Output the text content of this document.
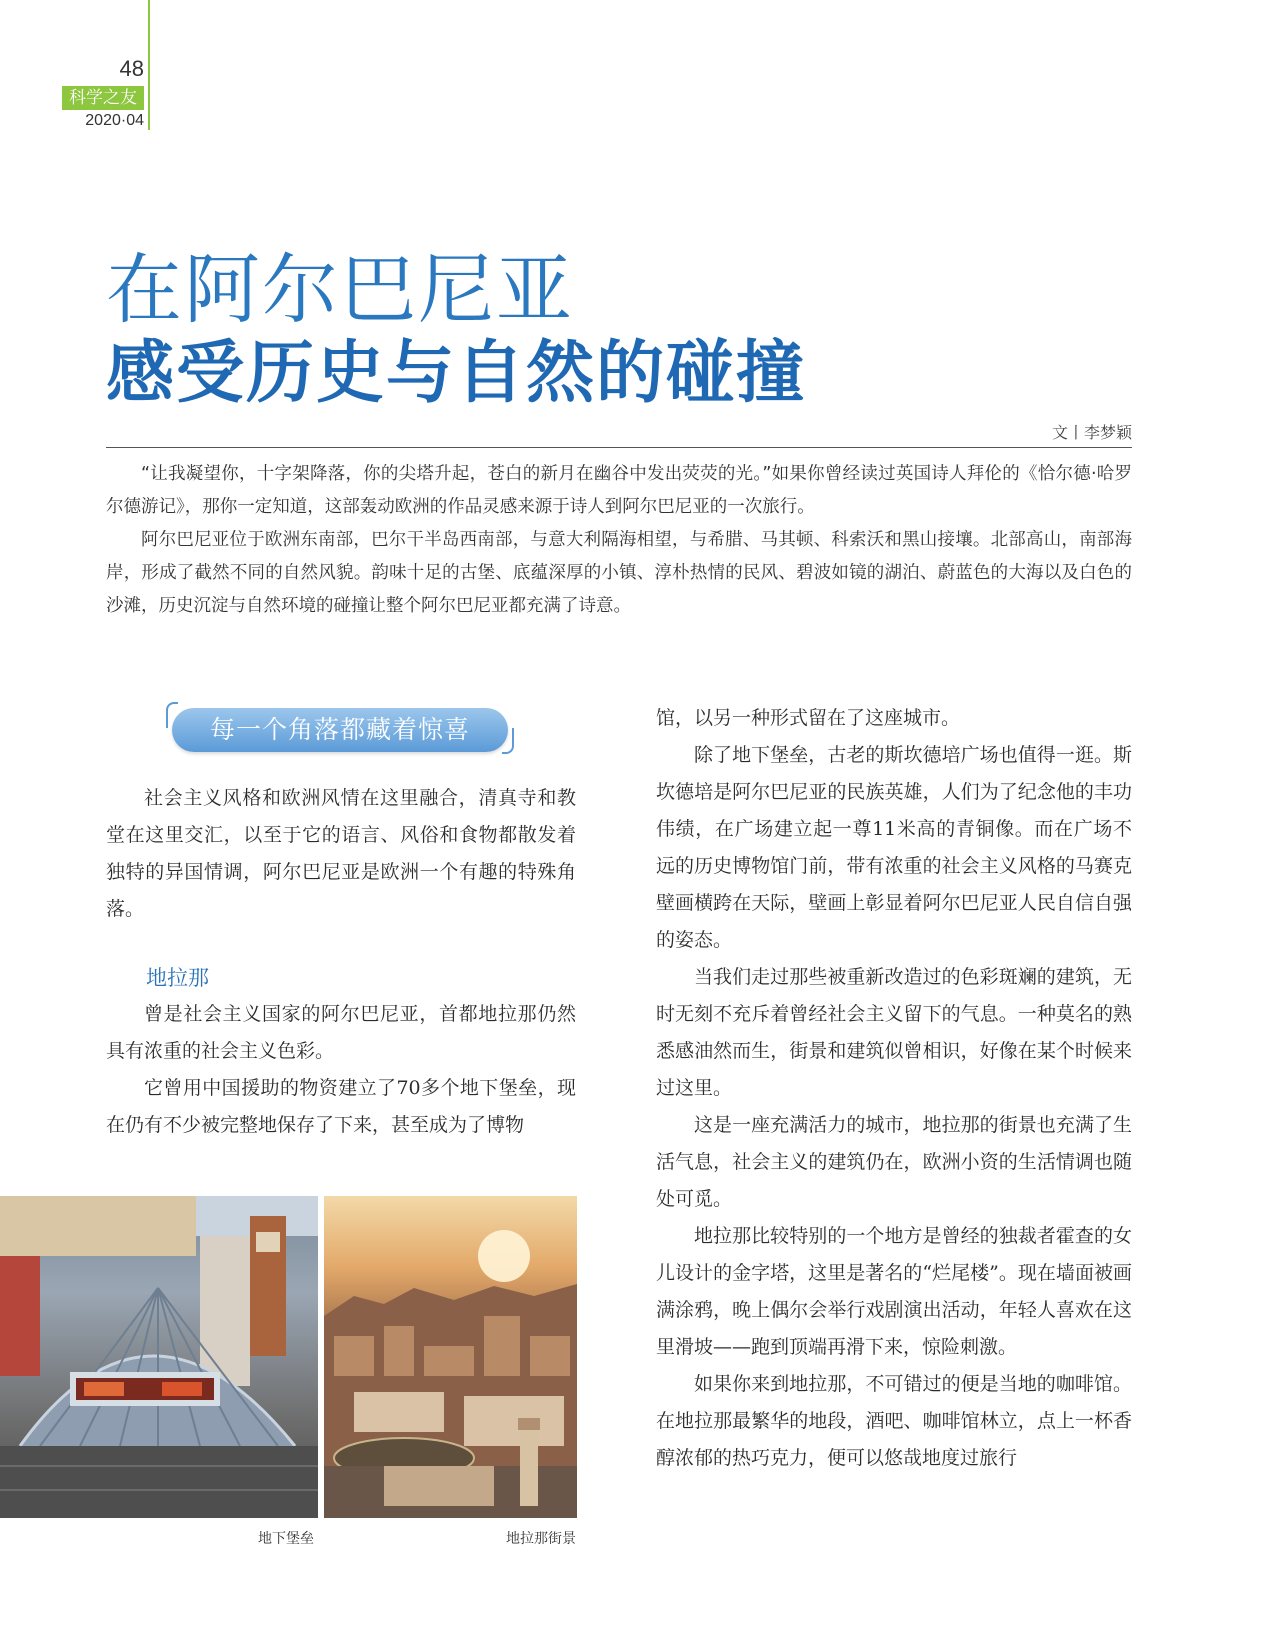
48
科学之友
2020·04
在阿尔巴尼亚
感受历史与自然的碰撞
文丨李梦颖

“让我凝望你，十字架降落，你的尖塔升起，苍白的新月在幽谷中发出荧荧的光。”如果你曾经读过英国诗人拜伦的《恰尔德·哈罗尔德游记》，那你一定知道，这部轰动欧洲的作品灵感来源于诗人到阿尔巴尼亚的一次旅行。

阿尔巴尼亚位于欧洲东南部，巴尔干半岛西南部，与意大利隔海相望，与希腊、马其顿、科索沃和黑山接壤。北部高山，南部海岸，形成了截然不同的自然风貌。韵味十足的古堡、底蕴深厚的小镇、淳朴热情的民风、碧波如镜的湖泊、蔚蓝色的大海以及白色的沙滩，历史沉淀与自然环境的碰撞让整个阿尔巴尼亚都充满了诗意。

每一个角落都藏着惊喜

社会主义风格和欧洲风情在这里融合，清真寺和教堂在这里交汇，以至于它的语言、风俗和食物都散发着独特的异国情调，阿尔巴尼亚是欧洲一个有趣的特殊角落。

地拉那

曾是社会主义国家的阿尔巴尼亚，首都地拉那仍然具有浓重的社会主义色彩。

它曾用中国援助的物资建立了70多个地下堡垒，现在仍有不少被完整地保存了下来，甚至成为了博物

馆，以另一种形式留在了这座城市。

除了地下堡垒，古老的斯坎德培广场也值得一逛。斯坎德培是阿尔巴尼亚的民族英雄，人们为了纪念他的丰功伟绩，在广场建立起一尊11米高的青铜像。而在广场不远的历史博物馆门前，带有浓重的社会主义风格的马赛克壁画横跨在天际，壁画上彰显着阿尔巴尼亚人民自信自强的姿态。

当我们走过那些被重新改造过的色彩斑斓的建筑，无时无刻不充斥着曾经社会主义留下的气息。一种莫名的熟悉感油然而生，街景和建筑似曾相识，好像在某个时候来过这里。

这是一座充满活力的城市，地拉那的街景也充满了生活气息，社会主义的建筑仍在，欧洲小资的生活情调也随处可觅。

地拉那比较特别的一个地方是曾经的独裁者霍查的女儿设计的金字塔，这里是著名的“烂尾楼”。现在墙面被画满涂鸦，晚上偶尔会举行戏剧演出活动，年轻人喜欢在这里滑坡——跑到顶端再滑下来，惊险刺激。

如果你来到地拉那，不可错过的便是当地的咖啡馆。在地拉那最繁华的地段，酒吧、咖啡馆林立，点上一杯香醇浓郁的热巧克力，便可以悠哉地度过旅行

地下堡垒	地拉那街景
